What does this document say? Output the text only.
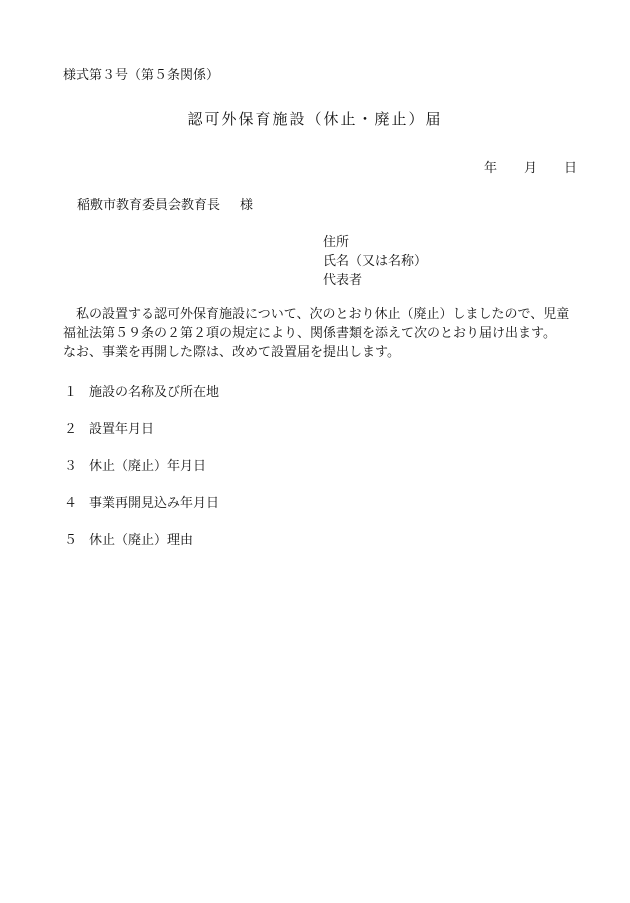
様式第３号（第５条関係）
認可外保育施設（休止・廃止）届
年 月 日
稲敷市教育委員会教育長 様
住所
氏名（又は名称）
代表者

　私の設置する認可外保育施設について、次のとおり休止（廃止）しましたので、児童

福祉法第５９条の２第２項の規定により、関係書類を添えて次のとおり届け出ます。

なお、事業を再開した際は、改めて設置届を提出します。

１ 施設の名称及び所在地
２ 設置年月日
３ 休止（廃止）年月日
４ 事業再開見込み年月日
５ 休止（廃止）理由
